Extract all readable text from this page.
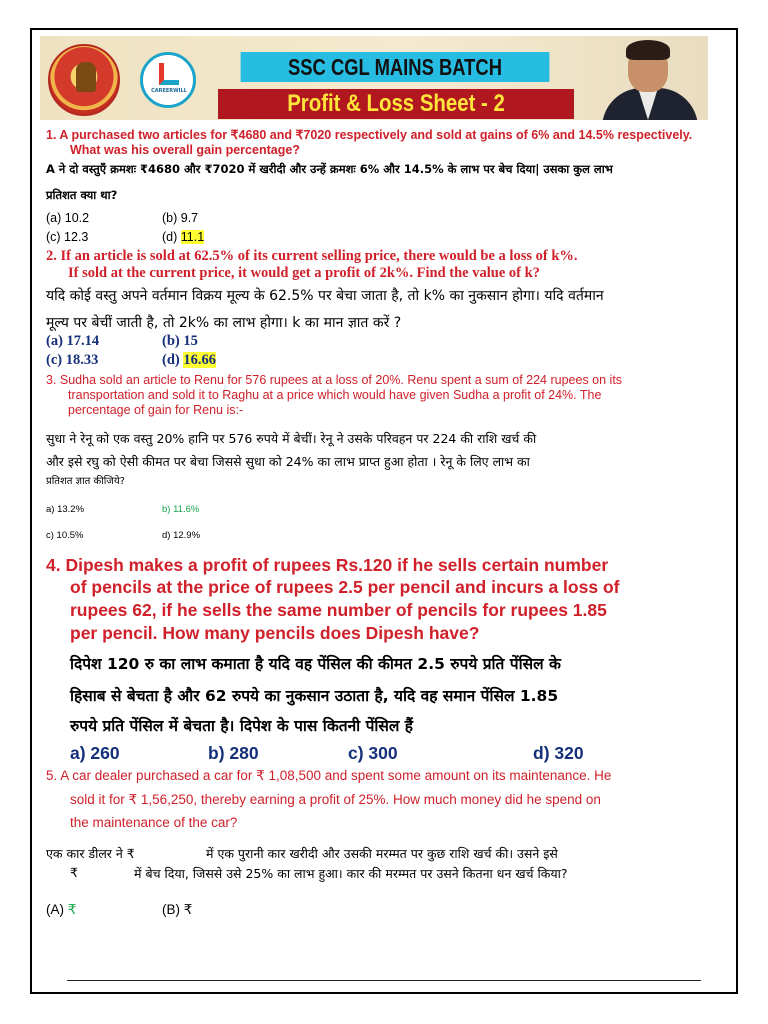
CAREERWILL
SSC CGL MAINS BATCH
Profit & Loss Sheet - 2
1. A purchased two articles for ₹4680 and ₹7020 respectively and sold at gains of 6% and 14.5% respectively.
What was his overall gain percentage?
A ने दो वस्तुएँ क्रमशः ₹4680 और ₹7020 में खरीदी और उन्हें क्रमशः 6% और 14.5% के लाभ पर बेच दिया| उसका कुल लाभ
प्रतिशत क्या था?
(a) 10.2	(b) 9.7
(c) 12.3	(d) 11.1
2. If an article is sold at 62.5% of its current selling price, there would be a loss of k%.
If sold at the current price, it would get a profit of 2k%. Find the value of k?
यदि कोई वस्तु अपने वर्तमान विक्रय मूल्य के 62.5% पर बेचा जाता है, तो k% का नुकसान होगा। यदि वर्तमान
मूल्य पर बेचीं जाती है, तो 2k% का लाभ होगा। k का मान ज्ञात करें ?
(a) 17.14	(b) 15
(c) 18.33	(d) 16.66
3. Sudha sold an article to Renu for 576 rupees at a loss of 20%. Renu spent a sum of 224 rupees on its
transportation and sold it to Raghu at a price which would have given Sudha a profit of 24%. The
percentage of gain for Renu is:-
सुधा ने रेनू को एक वस्तु 20% हानि पर 576 रुपये में बेचीं। रेनू ने उसके परिवहन पर 224 की राशि खर्च की
और इसे रघु को ऐसी कीमत पर बेचा जिससे सुधा को 24% का लाभ प्राप्त हुआ होता । रेनू के लिए लाभ का
प्रतिशत ज्ञात कीजिये?
a) 13.2%	b) 11.6%
c) 10.5%	d) 12.9%
4. Dipesh makes a profit of rupees Rs.120 if he sells certain number
of pencils at the price of rupees 2.5 per pencil and incurs a loss of
rupees 62, if he sells the same number of pencils for rupees 1.85
per pencil. How many pencils does Dipesh have?
दिपेश 120 रु का लाभ कमाता है यदि वह पेंसिल की कीमत 2.5 रुपये प्रति पेंसिल के
हिसाब से बेचता है और 62 रुपये का नुकसान उठाता है, यदि वह समान पेंसिल 1.85
रुपये प्रति पेंसिल में बेचता है। दिपेश के पास कितनी पेंसिल हैं
a) 260	b) 280	c) 300	d) 320
5. A car dealer purchased a car for ₹ 1,08,500 and spent some amount on its maintenance. He
sold it for ₹ 1,56,250, thereby earning a profit of 25%. How much money did he spend on
the maintenance of the car?
एक कार डीलर ने ₹	में एक पुरानी कार खरीदी और उसकी मरम्मत पर कुछ राशि खर्च की। उसने इसे
₹	में बेच दिया, जिससे उसे 25% का लाभ हुआ। कार की मरम्मत पर उसने कितना धन खर्च किया?
(A) ₹	(B) ₹
